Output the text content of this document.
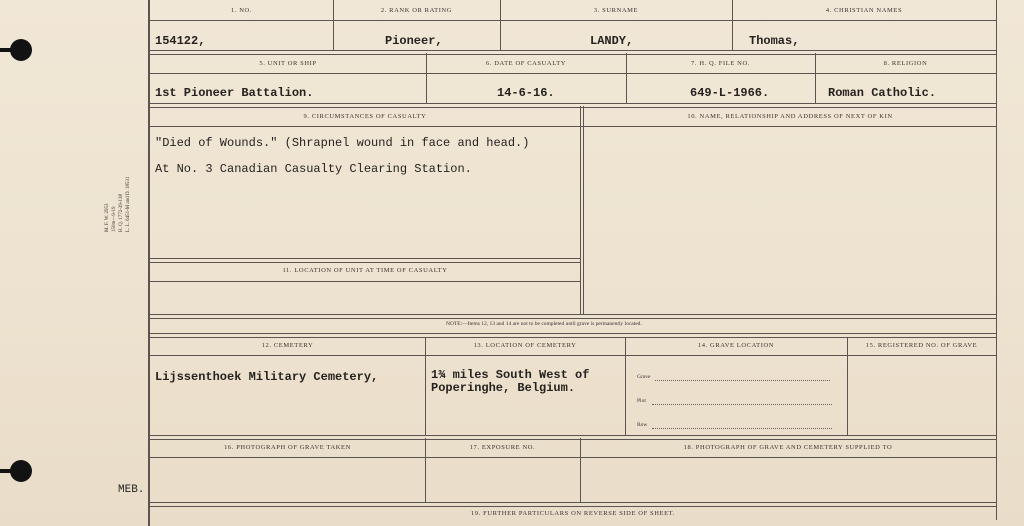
M. F. W. 2953 150m—9-19 H. Q. 1772-39-138 L. L. 6451-M and D. 18531
MEB.
1. NO.	2. RANK OR RATING	3. SURNAME	4. CHRISTIAN NAMES
154122,	Pioneer,	LANDY,	Thomas,
5. UNIT OR SHIP	6. DATE OF CASUALTY	7. H. Q. FILE NO.	8. RELIGION
1st Pioneer Battalion.	14-6-16.	649-L-1966.	Roman Catholic.
9. CIRCUMSTANCES OF CASUALTY	10. NAME, RELATIONSHIP AND ADDRESS OF NEXT OF KIN
"Died of Wounds." (Shrapnel wound in face and head.)
At No. 3 Canadian Casualty Clearing Station.
11. LOCATION OF UNIT AT TIME OF CASUALTY
NOTE:—Items 12, 13 and 14 are not to be completed until grave is permanently located.
12. CEMETERY	13. LOCATION OF CEMETERY	14. GRAVE LOCATION	15. REGISTERED NO. OF GRAVE
Lijssenthoek Military Cemetery,	1¾ miles South West of
Poperinghe, Belgium.
Grave
Plot
Row
16. PHOTOGRAPH OF GRAVE TAKEN	17. EXPOSURE NO.	18. PHOTOGRAPH OF GRAVE AND CEMETERY SUPPLIED TO
19. FURTHER PARTICULARS ON REVERSE SIDE OF SHEET.
